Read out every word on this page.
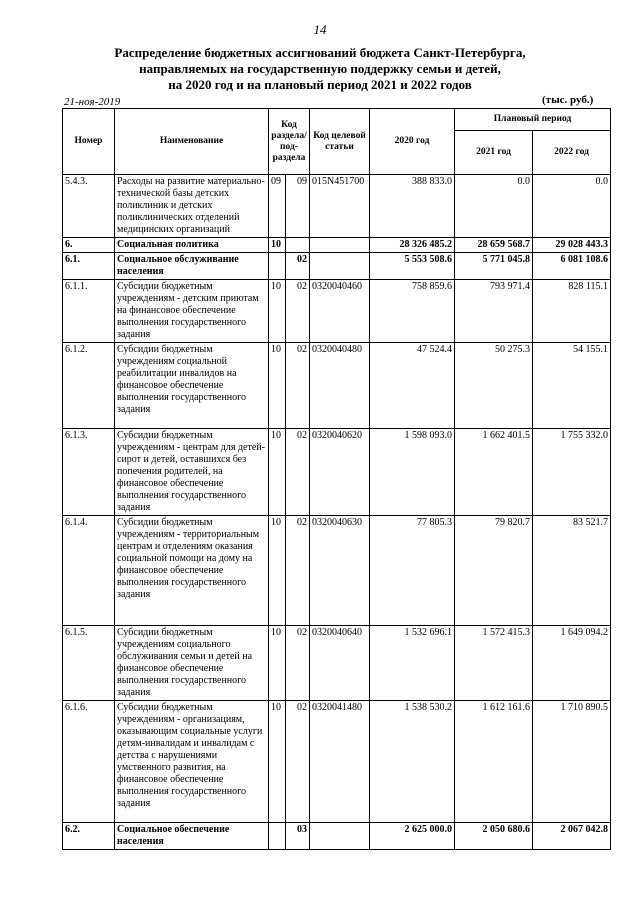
14
Распределение бюджетных ассигнований бюджета Санкт-Петербурга,
направляемых на государственную поддержку семьи и детей,
на 2020 год и на плановый период 2021 и 2022 годов
21-ноя-2019	(тыс. руб.)
Номер	Наименование	Код раздела/ под-раздела		Код целевой статьи	2020 год	Плановый период	
						2021 год	2022 год
5.4.3.	Расходы на развитие материально-технической базы детских поликлиник и детских поликлинических отделений медицинских организаций	09	09	015N451700	388 833.0	0.0	0.0
6.	Социальная политика	10			28 326 485.2	28 659 568.7	29 028 443.3
6.1.	Социальное обслуживание населения		02		5 553 508.6	5 771 045.8	6 081 108.6
6.1.1.	Субсидии бюджетным учреждениям - детским приютам на финансовое обеспечение выполнения государственного задания	10	02	0320040460	758 859.6	793 971.4	828 115.1
6.1.2.	Субсидии бюджетным учреждениям социальной реабилитации инвалидов на финансовое обеспечение выполнения государственного задания	10	02	0320040480	47 524.4	50 275.3	54 155.1
6.1.3.	Субсидии бюджетным учреждениям - центрам для детей-сирот и детей, оставшихся без попечения родителей, на финансовое обеспечение выполнения государственного задания	10	02	0320040620	1 598 093.0	1 662 401.5	1 755 332.0
6.1.4.	Субсидии бюджетным учреждениям - территориальным центрам и отделениям оказания социальной помощи на дому на финансовое обеспечение выполнения государственного задания	10	02	0320040630	77 805.3	79 820.7	83 521.7
6.1.5.	Субсидии бюджетным учреждениям социального обслуживания семьи и детей на финансовое обеспечение выполнения государственного задания	10	02	0320040640	1 532 696.1	1 572 415.3	1 649 094.2
6.1.6.	Субсидии бюджетным учреждениям - организациям, оказывающим социальные услуги детям-инвалидам и инвалидам с детства с нарушениями умственного развития, на финансовое обеспечение выполнения государственного задания	10	02	0320041480	1 538 530.2	1 612 161.6	1 710 890.5
6.2.	Социальное обеспечение населения		03		2 625 000.0	2 050 680.6	2 067 042.8
